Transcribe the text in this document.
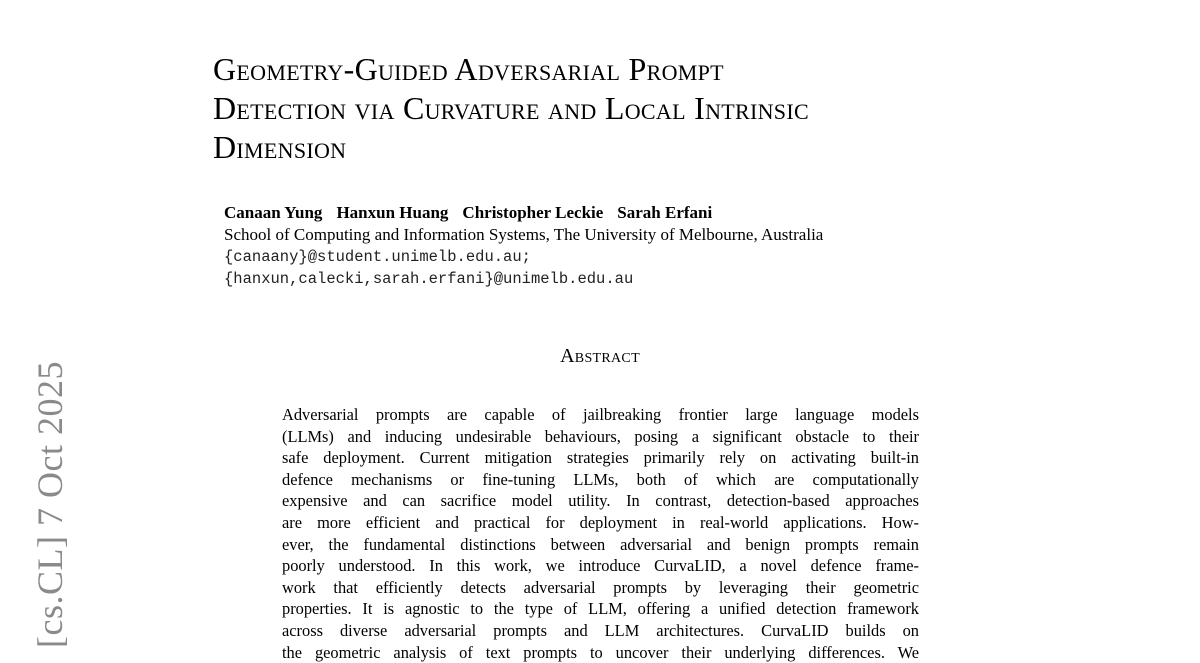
[cs.CL] 7 Oct 2025
Geometry-Guided Adversarial Prompt
Detection via Curvature and Local Intrinsic
Dimension
Canaan Yung Hanxun Huang Christopher Leckie Sarah Erfani
School of Computing and Information Systems, The University of Melbourne, Australia
{canaany}@student.unimelb.edu.au;
{hanxun,calecki,sarah.erfani}@unimelb.edu.au
Abstract
Adversarial prompts are capable of jailbreaking frontier large language models
(LLMs) and inducing undesirable behaviours, posing a significant obstacle to their
safe deployment. Current mitigation strategies primarily rely on activating built-in
defence mechanisms or fine-tuning LLMs, both of which are computationally
expensive and can sacrifice model utility. In contrast, detection-based approaches
are more efficient and practical for deployment in real-world applications. How-
ever, the fundamental distinctions between adversarial and benign prompts remain
poorly understood. In this work, we introduce CurvaLID, a novel defence frame-
work that efficiently detects adversarial prompts by leveraging their geometric
properties. It is agnostic to the type of LLM, offering a unified detection framework
across diverse adversarial prompts and LLM architectures. CurvaLID builds on
the geometric analysis of text prompts to uncover their underlying differences. We
